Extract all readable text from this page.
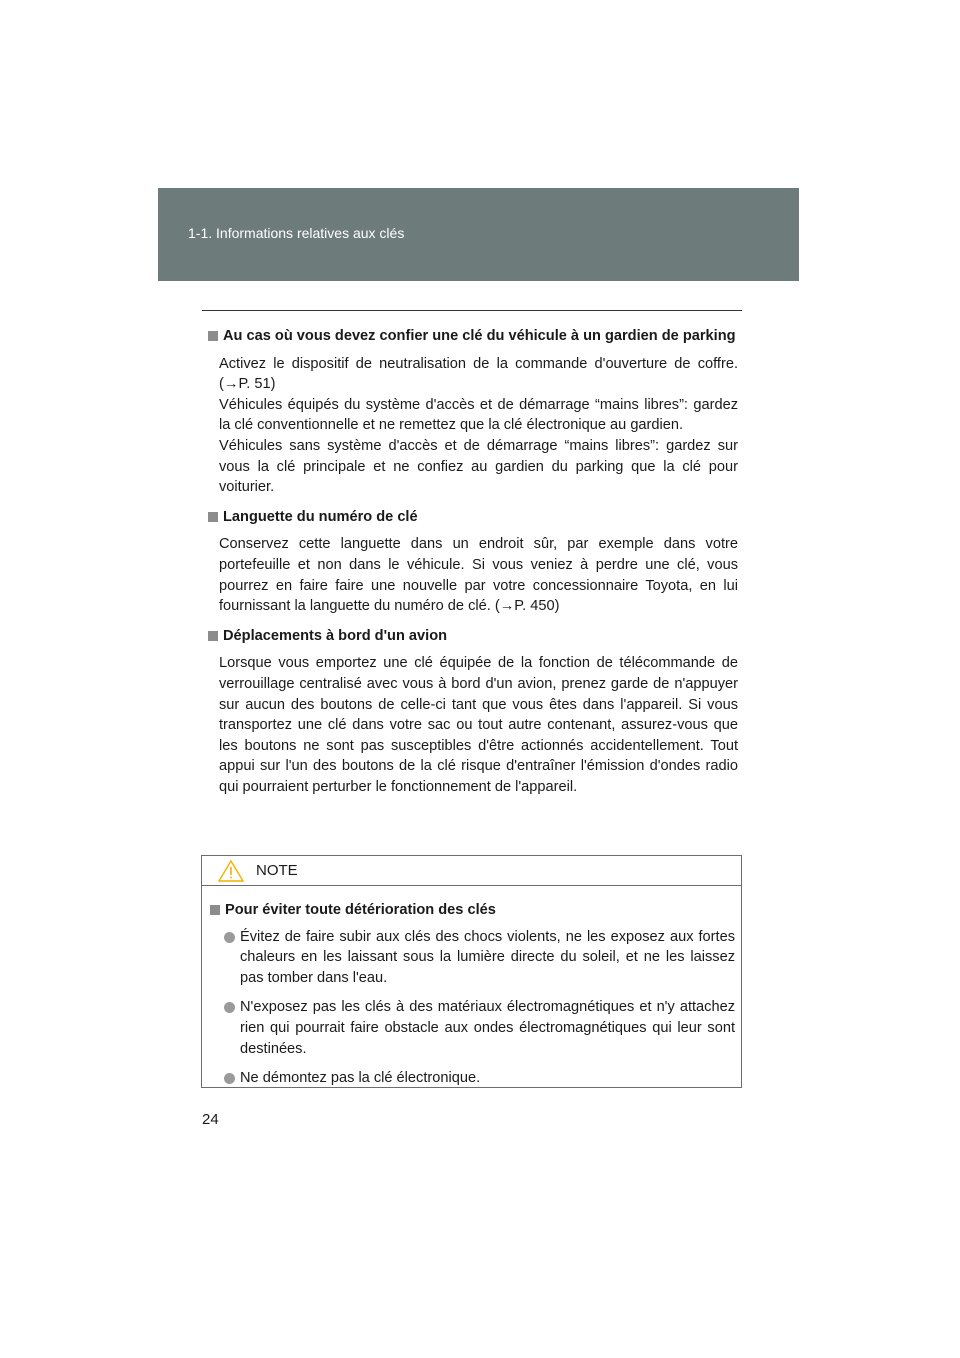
1-1. Informations relatives aux clés
Au cas où vous devez confier une clé du véhicule à un gardien de parking

Activez le dispositif de neutralisation de la commande d'ouverture de coffre. (→P. 51)

Véhicules équipés du système d'accès et de démarrage “mains libres”: gardez la clé conventionnelle et ne remettez que la clé électronique au gardien.

Véhicules sans système d'accès et de démarrage “mains libres”: gardez sur vous la clé principale et ne confiez au gardien du parking que la clé pour voiturier.

Languette du numéro de clé

Conservez cette languette dans un endroit sûr, par exemple dans votre portefeuille et non dans le véhicule. Si vous veniez à perdre une clé, vous pourrez en faire faire une nouvelle par votre concessionnaire Toyota, en lui fournissant la languette du numéro de clé. (→P. 450)

Déplacements à bord d'un avion

Lorsque vous emportez une clé équipée de la fonction de télécommande de verrouillage centralisé avec vous à bord d'un avion, prenez garde de n'appuyer sur aucun des boutons de celle-ci tant que vous êtes dans l'appareil. Si vous transportez une clé dans votre sac ou tout autre contenant, assurez-vous que les boutons ne sont pas susceptibles d'être actionnés accidentellement. Tout appui sur l'un des boutons de la clé risque d'entraîner l'émission d'ondes radio qui pourraient perturber le fonctionnement de l'appareil.

NOTE
Pour éviter toute détérioration des clés
Évitez de faire subir aux clés des chocs violents, ne les exposez aux fortes chaleurs en les laissant sous la lumière directe du soleil, et ne les laissez pas tomber dans l'eau.
N'exposez pas les clés à des matériaux électromagnétiques et n'y attachez rien qui pourrait faire obstacle aux ondes électromagnétiques qui leur sont destinées.
Ne démontez pas la clé électronique.
24
